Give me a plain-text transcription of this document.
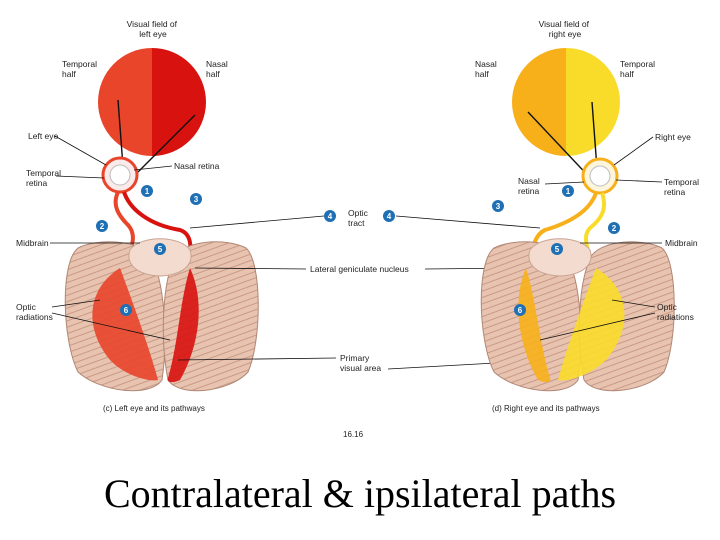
Visual field of left eye
Temporal half
Nasal half
Left eye
Temporal retina
Nasal retina
Midbrain
Optic radiations
(c) Left eye and its pathways
1
3
2
5
6
4	4
Optic tract
Lateral geniculate nucleus
Primary visual area
16.16
Visual field of right eye
Nasal half
Temporal half
Right eye
Nasal retina
Temporal retina
Midbrain
Optic radiations
(d) Right eye and its pathways
1
3
2
5
6
Contralateral & ipsilateral paths
